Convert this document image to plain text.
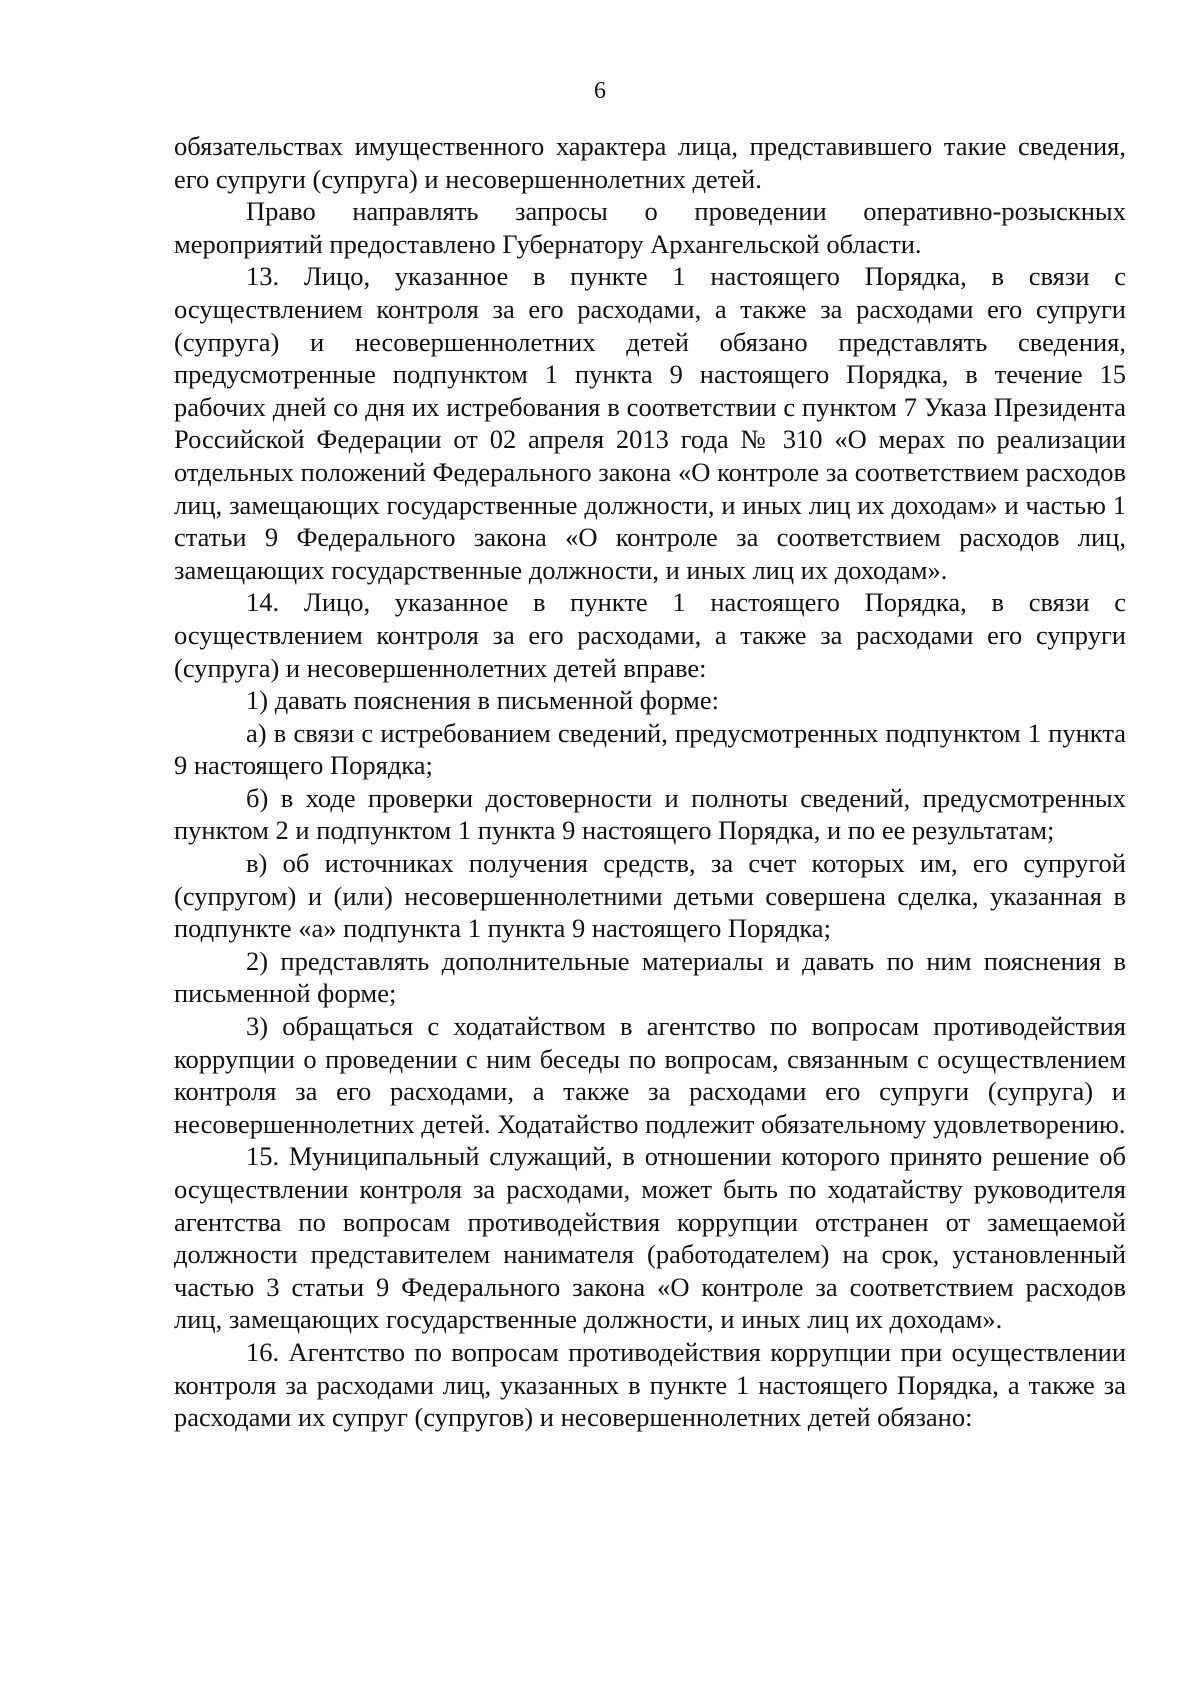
6

обязательствах имущественного характера лица, представившего такие сведения, его супруги (супруга) и несовершеннолетних детей.

Право направлять запросы о проведении оперативно-розыскных мероприятий предоставлено Губернатору Архангельской области.

13. Лицо, указанное в пункте 1 настоящего Порядка, в связи с осуществлением контроля за его расходами, а также за расходами его супруги (супруга) и несовершеннолетних детей обязано представлять сведения, предусмотренные подпунктом 1 пункта 9 настоящего Порядка, в течение 15 рабочих дней со дня их истребования в соответствии с пунктом 7 Указа Президента Российской Федерации от 02 апреля 2013 года № 310 «О мерах по реализации отдельных положений Федерального закона «О контроле за соответствием расходов лиц, замещающих государственные должности, и иных лиц их доходам» и частью 1 статьи 9 Федерального закона «О контроле за соответствием расходов лиц, замещающих государственные должности, и иных лиц их доходам».

14. Лицо, указанное в пункте 1 настоящего Порядка, в связи с осуществлением контроля за его расходами, а также за расходами его супруги (супруга) и несовершеннолетних детей вправе:

1) давать пояснения в письменной форме:

а) в связи с истребованием сведений, предусмотренных подпунктом 1 пункта 9 настоящего Порядка;

б) в ходе проверки достоверности и полноты сведений, предусмотренных пунктом 2 и подпунктом 1 пункта 9 настоящего Порядка, и по ее результатам;

в) об источниках получения средств, за счет которых им, его супругой (супругом) и (или) несовершеннолетними детьми совершена сделка, указанная в подпункте «а» подпункта 1 пункта 9 настоящего Порядка;

2) представлять дополнительные материалы и давать по ним пояснения в письменной форме;

3) обращаться с ходатайством в агентство по вопросам противодействия коррупции о проведении с ним беседы по вопросам, связанным с осуществлением контроля за его расходами, а также за расходами его супруги (супруга) и несовершеннолетних детей. Ходатайство подлежит обязательному удовлетворению.

15. Муниципальный служащий, в отношении которого принято решение об осуществлении контроля за расходами, может быть по ходатайству руководителя агентства по вопросам противодействия коррупции отстранен от замещаемой должности представителем нанимателя (работодателем) на срок, установленный частью 3 статьи 9 Федерального закона «О контроле за соответствием расходов лиц, замещающих государственные должности, и иных лиц их доходам».

16. Агентство по вопросам противодействия коррупции при осуществлении контроля за расходами лиц, указанных в пункте 1 настоящего Порядка, а также за расходами их супруг (супругов) и несовершеннолетних детей обязано:
